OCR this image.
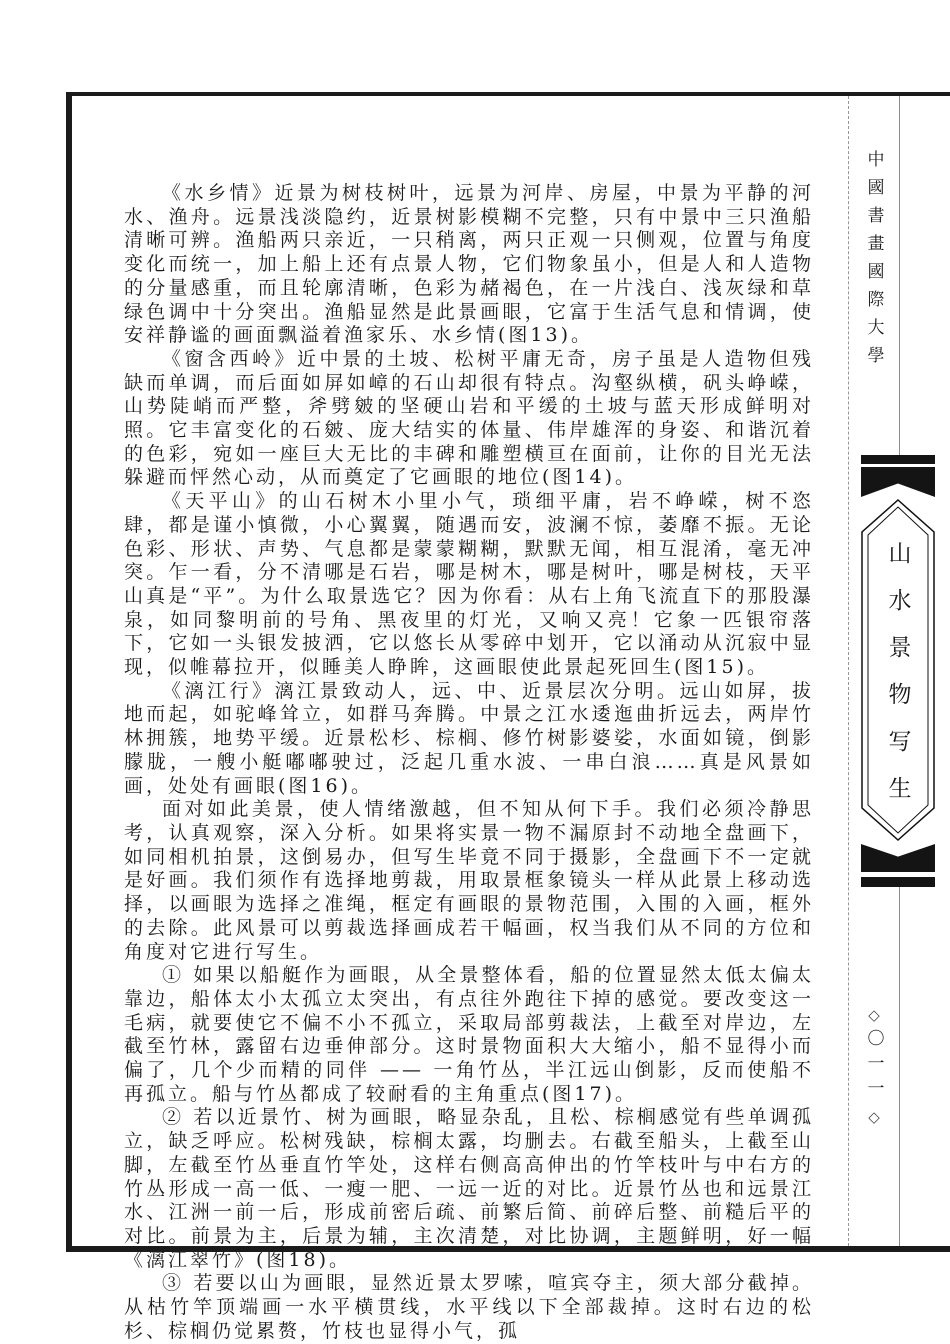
《水乡情》近景为树枝树叶，远景为河岸、房屋，中景为平静的河水、渔舟。远景浅淡隐约，近景树影模糊不完整，只有中景中三只渔船清晰可辨。渔船两只亲近，一只稍离，两只正观一只侧观，位置与角度变化而统一，加上船上还有点景人物，它们物象虽小，但是人和人造物的分量感重，而且轮廓清晰，色彩为赭褐色，在一片浅白、浅灰绿和草绿色调中十分突出。渔船显然是此景画眼，它富于生活气息和情调，使安祥静谧的画面飘溢着渔家乐、水乡情(图13)。

《窗含西岭》近中景的土坡、松树平庸无奇，房子虽是人造物但残缺而单调，而后面如屏如嶂的石山却很有特点。沟壑纵横，矾头峥嵘，山势陡峭而严整，斧劈皴的坚硬山岩和平缓的土坡与蓝天形成鲜明对照。它丰富变化的石皴、庞大结实的体量、伟岸雄浑的身姿、和谐沉着的色彩，宛如一座巨大无比的丰碑和雕塑横亘在面前，让你的目光无法躲避而怦然心动，从而奠定了它画眼的地位(图14)。

《天平山》的山石树木小里小气，琐细平庸，岩不峥嵘，树不恣肆，都是谨小慎微，小心翼翼，随遇而安，波澜不惊，萎靡不振。无论色彩、形状、声势、气息都是蒙蒙糊糊，默默无闻，相互混淆，毫无冲突。乍一看，分不清哪是石岩，哪是树木，哪是树叶，哪是树枝，天平山真是“平”。为什么取景选它？因为你看：从右上角飞流直下的那股瀑泉，如同黎明前的号角、黑夜里的灯光，又响又亮！它象一匹银帘落下，它如一头银发披洒，它以悠长从零碎中划开，它以涌动从沉寂中显现，似帷幕拉开，似睡美人睁眸，这画眼使此景起死回生(图15)。

《漓江行》漓江景致动人，远、中、近景层次分明。远山如屏，拔地而起，如驼峰耸立，如群马奔腾。中景之江水逶迤曲折远去，两岸竹林拥簇，地势平缓。近景松杉、棕榈、修竹树影婆娑，水面如镜，倒影朦胧，一艘小艇嘟嘟驶过，泛起几重水波、一串白浪……真是风景如画，处处有画眼(图16)。

面对如此美景，使人情绪激越，但不知从何下手。我们必须冷静思考，认真观察，深入分析。如果将实景一物不漏原封不动地全盘画下，如同相机拍景，这倒易办，但写生毕竟不同于摄影，全盘画下不一定就是好画。我们须作有选择地剪裁，用取景框象镜头一样从此景上移动选择，以画眼为选择之准绳，框定有画眼的景物范围，入围的入画，框外的去除。此风景可以剪裁选择画成若干幅画，权当我们从不同的方位和角度对它进行写生。

① 如果以船艇作为画眼，从全景整体看，船的位置显然太低太偏太靠边，船体太小太孤立太突出，有点往外跑往下掉的感觉。要改变这一毛病，就要使它不偏不小不孤立，采取局部剪裁法，上截至对岸边，左截至竹林，露留右边垂伸部分。这时景物面积大大缩小，船不显得小而偏了，几个少而精的同伴 —— 一角竹丛，半江远山倒影，反而使船不再孤立。船与竹丛都成了较耐看的主角重点(图17)。

② 若以近景竹、树为画眼，略显杂乱，且松、棕榈感觉有些单调孤立，缺乏呼应。松树残缺，棕榈太露，均删去。右截至船头，上截至山脚，左截至竹丛垂直竹竿处，这样右侧高高伸出的竹竿枝叶与中右方的竹丛形成一高一低、一瘦一肥、一远一近的对比。近景竹丛也和远景江水、江洲一前一后，形成前密后疏、前繁后简、前碎后整、前糙后平的对比。前景为主，后景为辅，主次清楚，对比协调，主题鲜明，好一幅《漓江翠竹》(图18)。

③ 若要以山为画眼，显然近景太罗嗦，喧宾夺主，须大部分截掉。从枯竹竿顶端画一水平横贯线，水平线以下全部裁掉。这时右边的松杉、棕榈仍觉累赘，竹枝也显得小气，孤

中國書畫國際大學
山水景物写生
◇
〇一一
◇
